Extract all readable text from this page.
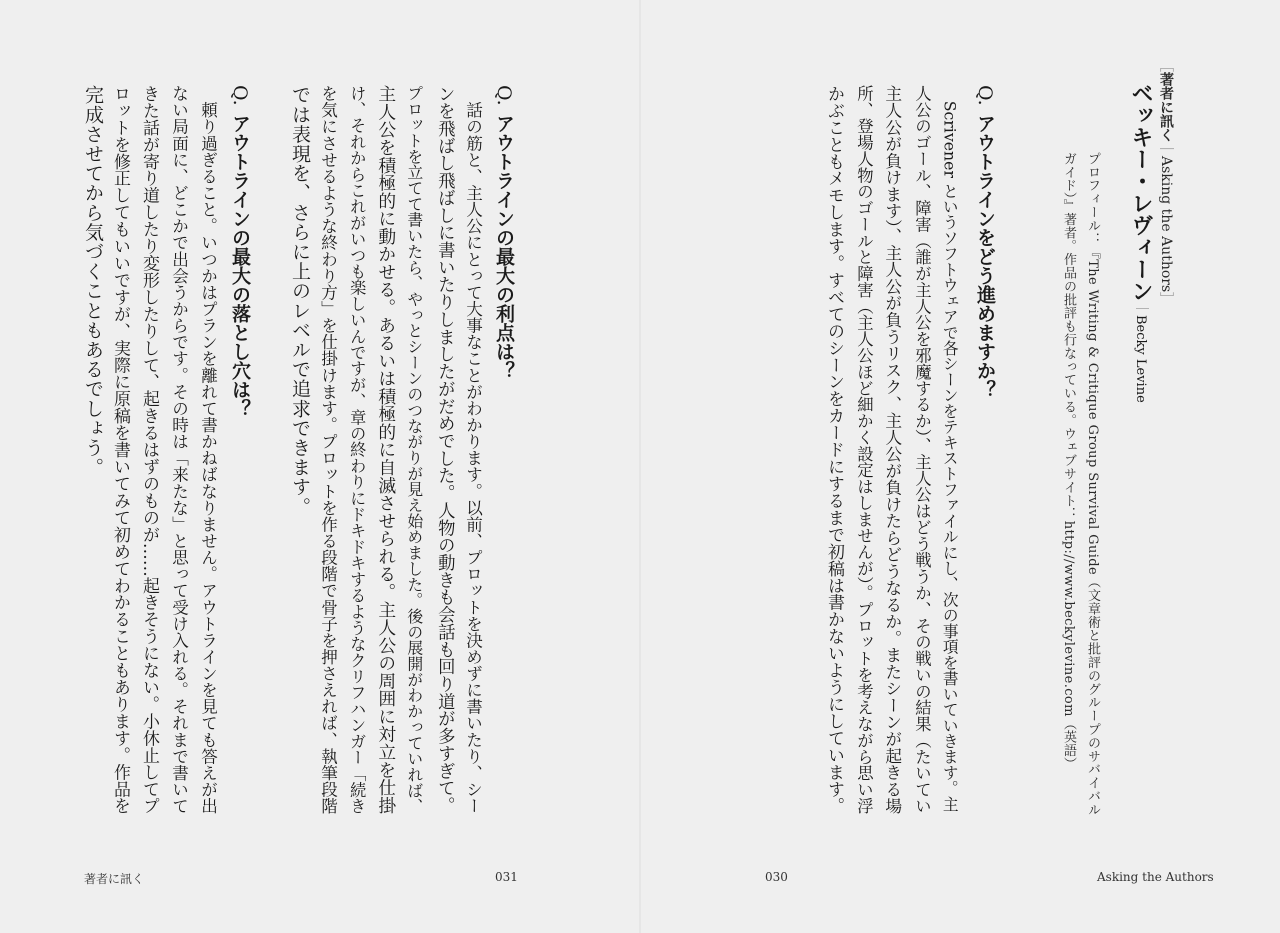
［著者に訊く｜Asking the Authors］
ベッキー・レヴィーン｜Becky Levine
プロフィール：『The Writing & Critique Group Survival Guide（文章術と批評のグループのサバイバル
ガイド）』著者。作品の批評も行なっている。ウェブサイト：http://www.beckylevine.com（英語）
Q.アウトラインをどう進めますか？
　Scrivener というソフトウェアで各シーンをテキストファイルにし、次の事項を書いていきます。主
人公のゴール、障害（誰が主人公を邪魔するか）、主人公はどう戦うか、その戦いの結果（たいてい
主人公が負けます）、主人公が負うリスク、主人公が負けたらどうなるか。またシーンが起きる場
所、登場人物のゴールと障害（主人公ほど細かく設定はしませんが）。プロットを考えながら思い浮
かぶこともメモします。すべてのシーンをカードにするまで初稿は書かないようにしています。
030	Asking the Authors
Q.アウトラインの最大の利点は？
　話の筋と、主人公にとって大事なことがわかります。以前、プロットを決めずに書いたり、シー
ンを飛ばし飛ばしに書いたりしましたがだめでした。人物の動きも会話も回り道が多すぎて。
プロットを立てて書いたら、やっとシーンのつながりが見え始めました。後の展開がわかっていれば、
主人公を積極的に動かせる。あるいは積極的に自滅させられる。主人公の周囲に対立を仕掛
け、それからこれがいつも楽しいんですが、章の終わりにドキドキするようなクリフハンガー「続き
を気にさせるような終わり方」を仕掛けます。プロットを作る段階で骨子を押さえれば、執筆段階
では表現を、さらに上のレベルで追求できます。
Q.アウトラインの最大の落とし穴は？
　頼り過ぎること。いつかはプランを離れて書かねばなりません。アウトラインを見ても答えが出
ない局面に、どこかで出会うからです。その時は「来たな」と思って受け入れる。それまで書いて
きた話が寄り道したり変形したりして、起きるはずのものが……起きそうにない。小休止してプ
ロットを修正してもいいですが、実際に原稿を書いてみて初めてわかることもあります。作品を
完成させてから気づくこともあるでしょう。
著者に訊く	031
